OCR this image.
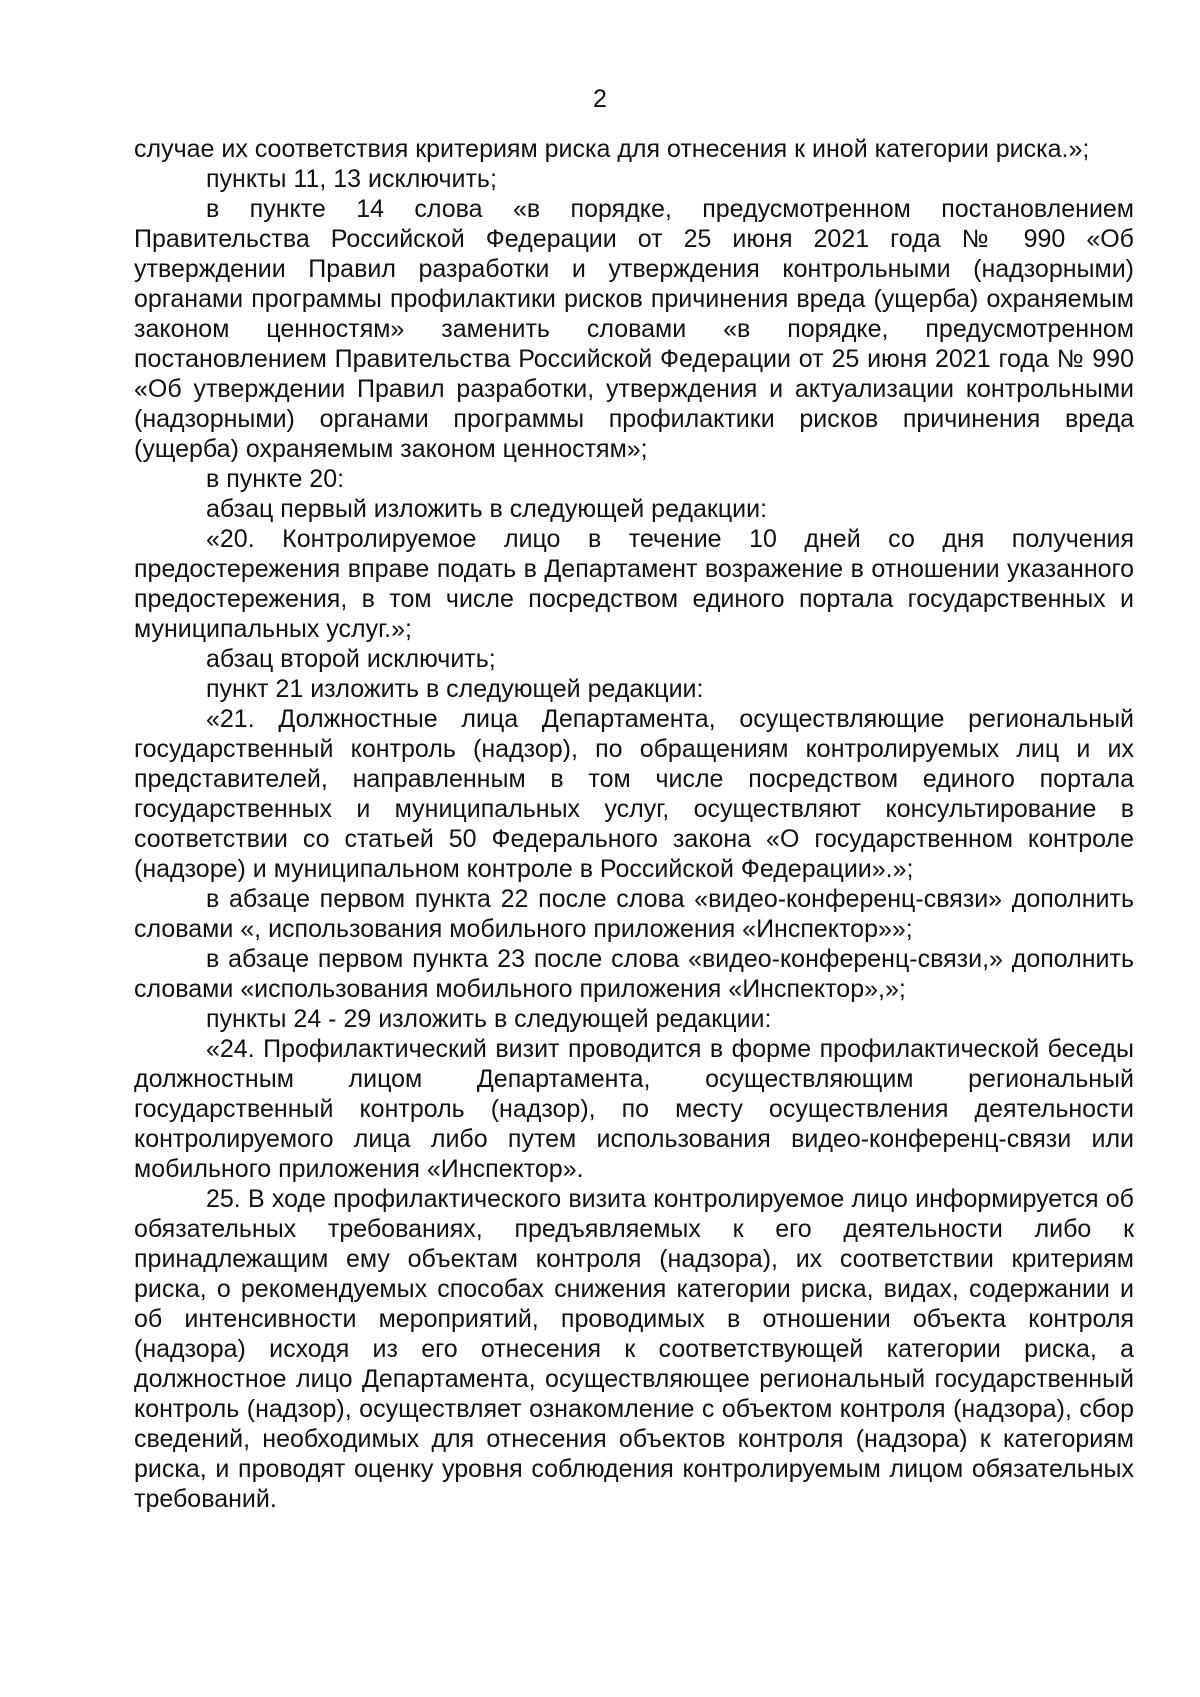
2

случае их соответствия критериям риска для отнесения к иной категории риска.»;

пункты 11, 13 исключить;

в пункте 14 слова «в порядке, предусмотренном постановлением Правительства Российской Федерации от 25 июня 2021 года № 990 «Об утверждении Правил разработки и утверждения контрольными (надзорными) органами программы профилактики рисков причинения вреда (ущерба) охраняемым законом ценностям» заменить словами «в порядке, предусмотренном постановлением Правительства Российской Федерации от 25 июня 2021 года № 990 «Об утверждении Правил разработки, утверждения и актуализации контрольными (надзорными) органами программы профилактики рисков причинения вреда (ущерба) охраняемым законом ценностям»;

в пункте 20:

абзац первый изложить в следующей редакции:

«20. Контролируемое лицо в течение 10 дней со дня получения предостережения вправе подать в Департамент возражение в отношении указанного предостережения, в том числе посредством единого портала государственных и муниципальных услуг.»;

абзац второй исключить;

пункт 21 изложить в следующей редакции:

«21. Должностные лица Департамента, осуществляющие региональный государственный контроль (надзор), по обращениям контролируемых лиц и их представителей, направленным в том числе посредством единого портала государственных и муниципальных услуг, осуществляют консультирование в соответствии со статьей 50 Федерального закона «О государственном контроле (надзоре) и муниципальном контроле в Российской Федерации».»;

в абзаце первом пункта 22 после слова «видео-конференц-связи» дополнить словами «, использования мобильного приложения «Инспектор»»;

в абзаце первом пункта 23 после слова «видео-конференц-связи,» дополнить словами «использования мобильного приложения «Инспектор»,»;

пункты 24 - 29 изложить в следующей редакции:

«24. Профилактический визит проводится в форме профилактической беседы должностным лицом Департамента, осуществляющим региональный государственный контроль (надзор), по месту осуществления деятельности контролируемого лица либо путем использования видео-конференц-связи или мобильного приложения «Инспектор».

25. В ходе профилактического визита контролируемое лицо информируется об обязательных требованиях, предъявляемых к его деятельности либо к принадлежащим ему объектам контроля (надзора), их соответствии критериям риска, о рекомендуемых способах снижения категории риска, видах, содержании и об интенсивности мероприятий, проводимых в отношении объекта контроля (надзора) исходя из его отнесения к соответствующей категории риска, а должностное лицо Департамента, осуществляющее региональный государственный контроль (надзор), осуществляет ознакомление с объектом контроля (надзора), сбор сведений, необходимых для отнесения объектов контроля (надзора) к категориям риска, и проводят оценку уровня соблюдения контролируемым лицом обязательных требований.
